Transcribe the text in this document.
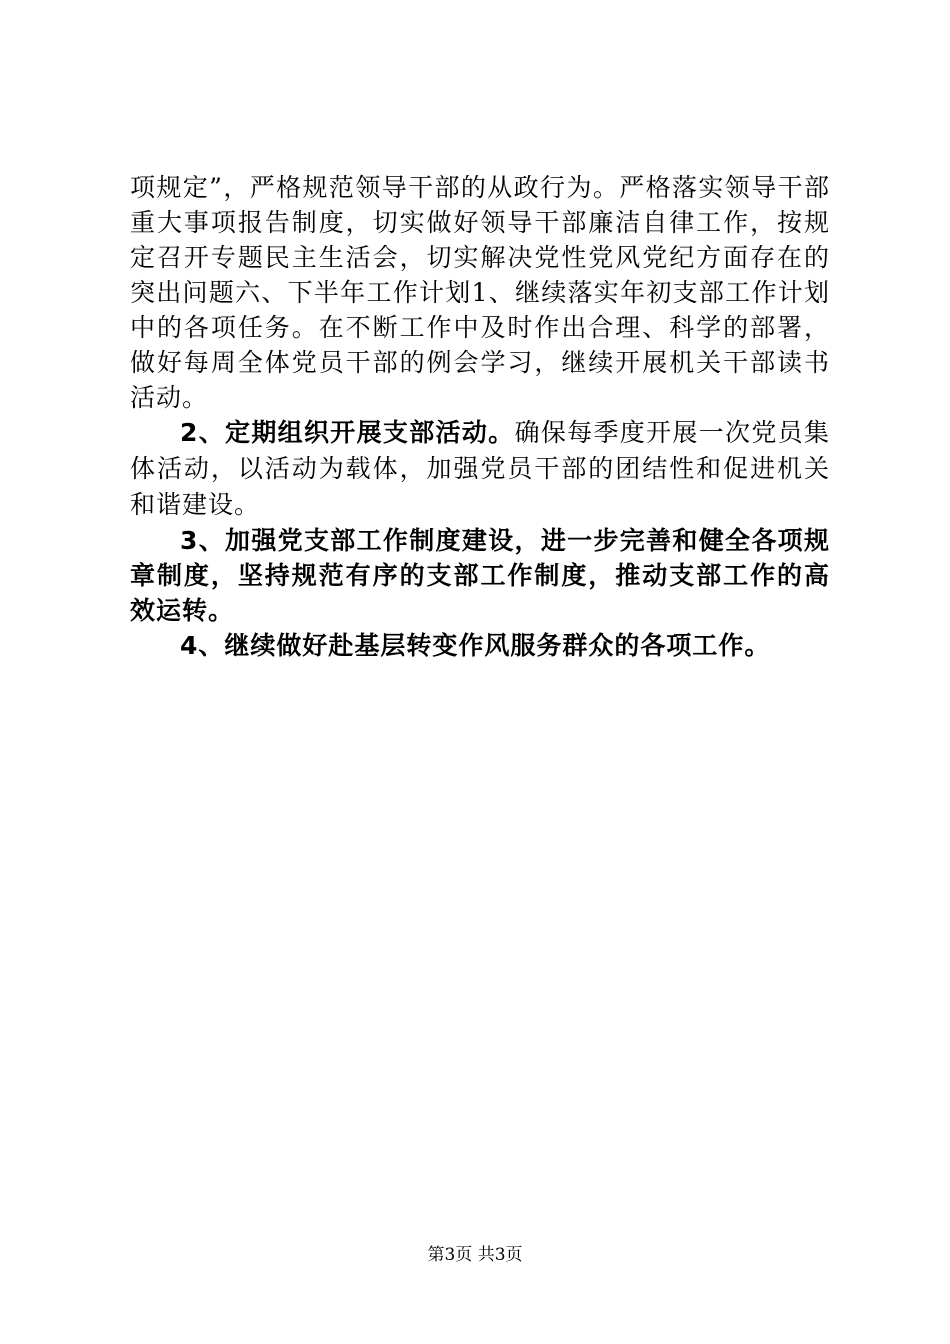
项规定”，严格规范领导干部的从政行为。严格落实领导干部重大事项报告制度，切实做好领导干部廉洁自律工作，按规定召开专题民主生活会，切实解决党性党风党纪方面存在的突出问题六、下半年工作计划1、继续落实年初支部工作计划中的各项任务。在不断工作中及时作出合理、科学的部署，做好每周全体党员干部的例会学习，继续开展机关干部读书活动。

2、定期组织开展支部活动。确保每季度开展一次党员集体活动，以活动为载体，加强党员干部的团结性和促进机关和谐建设。

3、加强党支部工作制度建设，进一步完善和健全各项规章制度，坚持规范有序的支部工作制度，推动支部工作的高效运转。

4、继续做好赴基层转变作风服务群众的各项工作。

第3页 共3页
